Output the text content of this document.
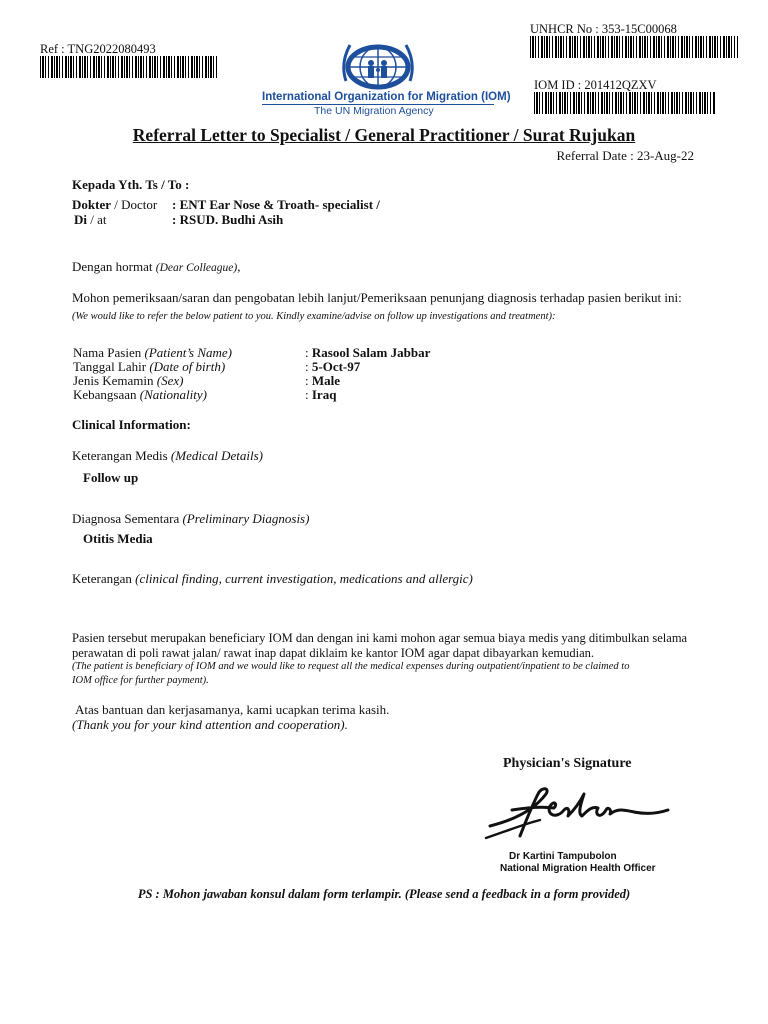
Ref : TNG2022080493
International Organization for Migration (IOM)
The UN Migration Agency
UNHCR No : 353-15C00068
IOM ID : 201412QZXV
Referral Letter to Specialist / General Practitioner / Surat Rujukan
Referral Date : 23-Aug-22
Kepada Yth. Ts / To :
Dokter / Doctor : ENT Ear Nose & Troath- specialist /
Di / at	: RSUD. Budhi Asih
Dengan hormat (Dear Colleague),
Mohon pemeriksaan/saran dan pengobatan lebih lanjut/Pemeriksaan penunjang diagnosis terhadap pasien berikut ini:
(We would like to refer the below patient to you. Kindly examine/advise on follow up investigations and treatment):
Nama Pasien (Patient’s Name)	: Rasool Salam Jabbar
Tanggal Lahir (Date of birth)	: 5-Oct-97
Jenis Kemamin (Sex)	: Male
Kebangsaan (Nationality)	: Iraq
Clinical Information:
Keterangan Medis (Medical Details)
Follow up
Diagnosa Sementara (Preliminary Diagnosis)
Otitis Media
Keterangan (clinical finding, current investigation, medications and allergic)
Pasien tersebut merupakan beneficiary IOM dan dengan ini kami mohon agar semua biaya medis yang ditimbulkan selama
perawatan di poli rawat jalan/ rawat inap dapat diklaim ke kantor IOM agar dapat dibayarkan kemudian.
(The patient is beneficiary of IOM and we would like to request all the medical expenses during outpatient/inpatient to be claimed to
IOM office for further payment).
Atas bantuan dan kerjasamanya, kami ucapkan terima kasih.
(Thank you for your kind attention and cooperation).
Physician's Signature
Dr Kartini Tampubolon
National Migration Health Officer
PS : Mohon jawaban konsul dalam form terlampir. (Please send a feedback in a form provided)
